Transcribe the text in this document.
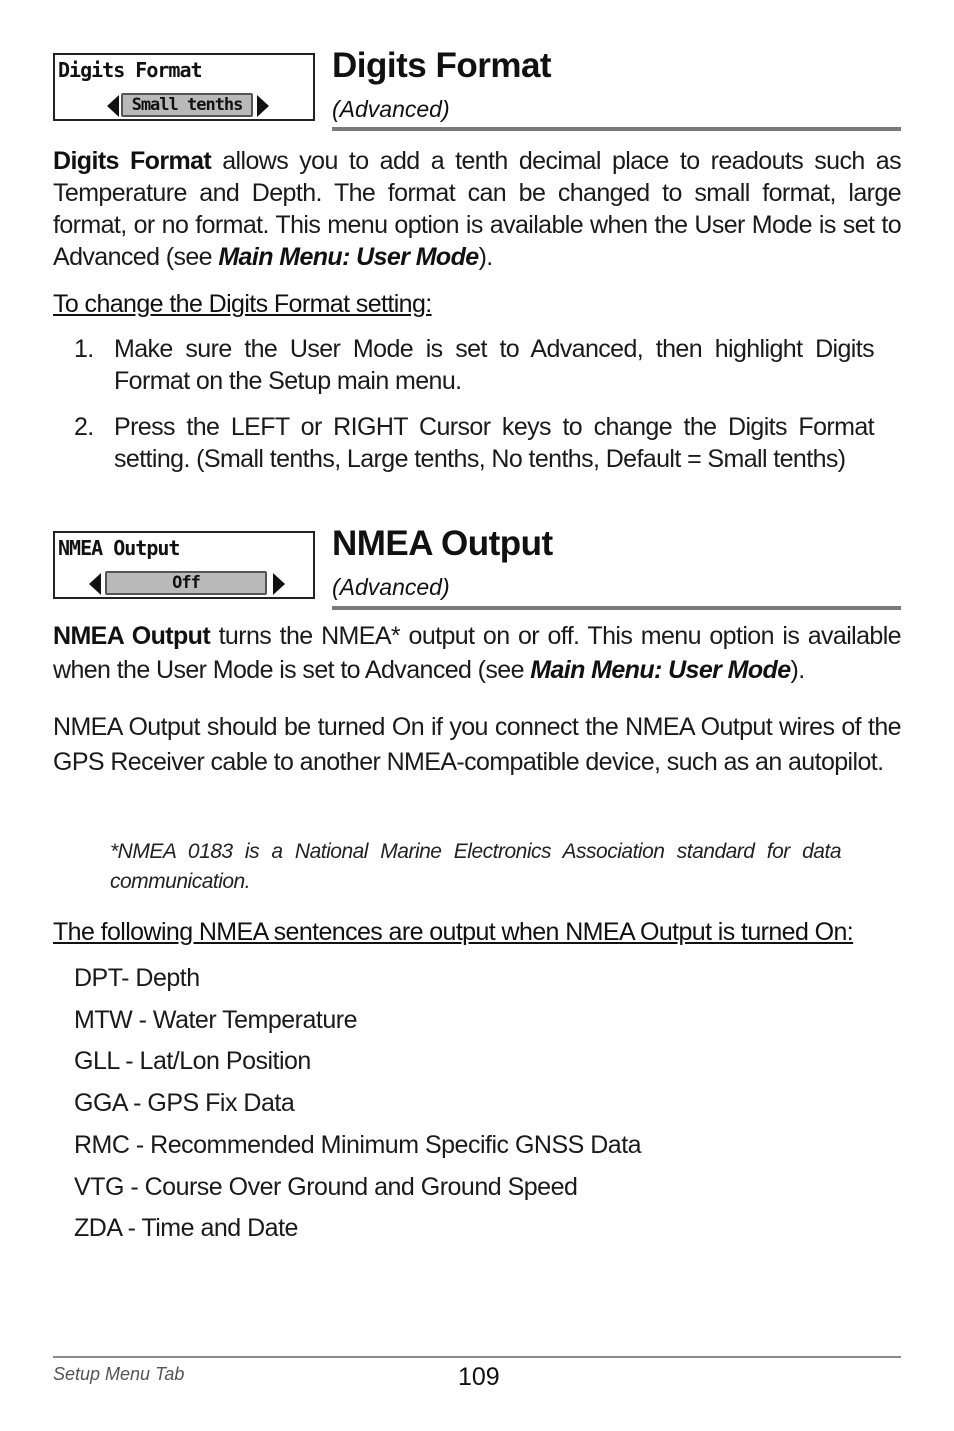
Digits Format
Small tenths
Digits Format
(Advanced)
Digits Format allows you to add a tenth decimal place to readouts such as Temperature and Depth. The format can be changed to small format, large format, or no format. This menu option is available when the User Mode is set to Advanced (see Main Menu: User Mode).
To change the Digits Format setting:
1. Make sure the User Mode is set to Advanced, then highlight Digits Format on the Setup main menu.
2. Press the LEFT or RIGHT Cursor keys to change the Digits Format setting. (Small tenths, Large tenths, No tenths, Default = Small tenths)
NMEA Output
Off
NMEA Output
(Advanced)
NMEA Output turns the NMEA* output on or off. This menu option is available when the User Mode is set to Advanced (see Main Menu: User Mode).
NMEA Output should be turned On if you connect the NMEA Output wires of the GPS Receiver cable to another NMEA-compatible device, such as an autopilot.
*NMEA 0183 is a National Marine Electronics Association standard for data communication.
The following NMEA sentences are output when NMEA Output is turned On:
DPT- Depth
MTW - Water Temperature
GLL - Lat/Lon Position
GGA - GPS Fix Data
RMC - Recommended Minimum Specific GNSS Data
VTG - Course Over Ground and Ground Speed
ZDA - Time and Date
Setup Menu Tab	109
